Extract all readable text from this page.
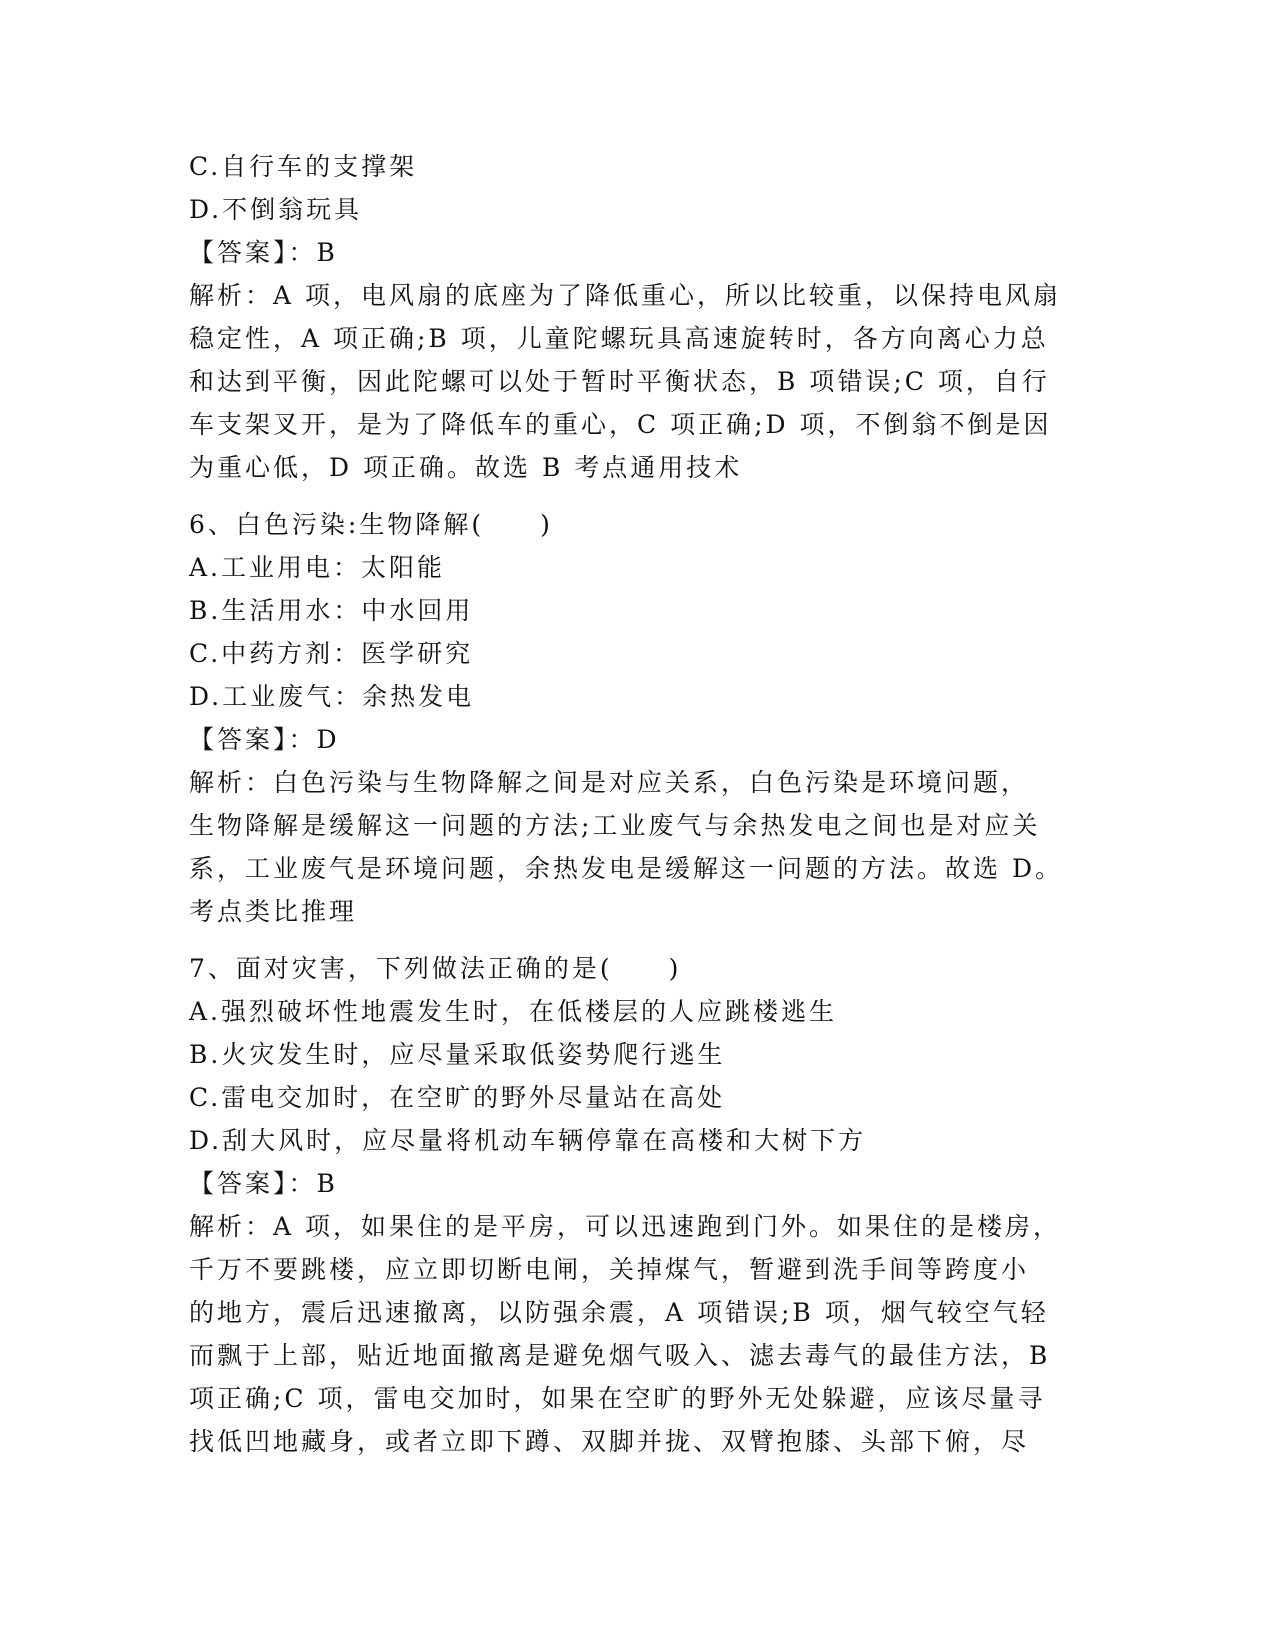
C.自行车的支撑架
D.不倒翁玩具
【答案】：B
解析：A 项，电风扇的底座为了降低重心，所以比较重，以保持电风扇
稳定性，A 项正确;B 项，儿童陀螺玩具高速旋转时，各方向离心力总
和达到平衡，因此陀螺可以处于暂时平衡状态，B 项错误;C 项，自行
车支架叉开，是为了降低车的重心，C 项正确;D 项，不倒翁不倒是因
为重心低，D 项正确。故选 B 考点通用技术
6、白色污染:生物降解(　　)
A.工业用电：太阳能
B.生活用水：中水回用
C.中药方剂：医学研究
D.工业废气：余热发电
【答案】：D
解析：白色污染与生物降解之间是对应关系，白色污染是环境问题，
生物降解是缓解这一问题的方法;工业废气与余热发电之间也是对应关
系，工业废气是环境问题，余热发电是缓解这一问题的方法。故选 D。
考点类比推理
7、面对灾害，下列做法正确的是(　　)
A.强烈破坏性地震发生时，在低楼层的人应跳楼逃生
B.火灾发生时，应尽量采取低姿势爬行逃生
C.雷电交加时，在空旷的野外尽量站在高处
D.刮大风时，应尽量将机动车辆停靠在高楼和大树下方
【答案】：B
解析：A 项，如果住的是平房，可以迅速跑到门外。如果住的是楼房，
千万不要跳楼，应立即切断电闸，关掉煤气，暂避到洗手间等跨度小
的地方，震后迅速撤离，以防强余震，A 项错误;B 项，烟气较空气轻
而飘于上部，贴近地面撤离是避免烟气吸入、滤去毒气的最佳方法，B
项正确;C 项，雷电交加时，如果在空旷的野外无处躲避，应该尽量寻
找低凹地藏身，或者立即下蹲、双脚并拢、双臂抱膝、头部下俯，尽
